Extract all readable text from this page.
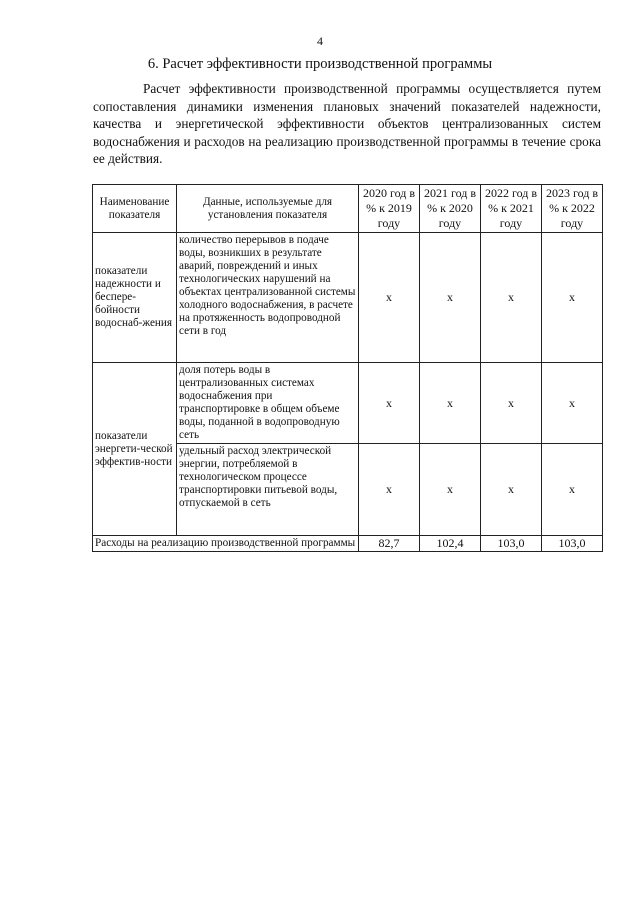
4
6. Расчет эффективности производственной программы

Расчет эффективности производственной программы осуществляется путем сопоставления динамики изменения плановых значений показателей надежности, качества и энергетической эффективности объектов централизованных систем водоснабжения и расходов на реализацию производственной программы в течение срока ее действия.

Наименование показателя	Данные, используемые для установления показателя	2020 год в % к 2019 году	2021 год в % к 2020 году	2022 год в % к 2021 году	2023 год в % к 2022 году
показатели надежности и беспере-бойности водоснаб-жения	количество перерывов в подаче воды, возникших в результате аварий, повреждений и иных технологических нарушений на объектах централизованной системы холодного водоснабжения, в расчете на протяженность водопроводной сети в год	х	х	х	х
показатели энергети-ческой эффектив-ности	доля потерь воды в централизованных системах водоснабжения при транспортировке в общем объеме воды, поданной в водопроводную сеть	х	х	х	х
	удельный расход электрической энергии, потребляемой в технологическом процессе транспортировки питьевой воды, отпускаемой в сеть	х	х	х	х
Расходы на реализацию производственной программы		82,7	102,4	103,0	103,0
